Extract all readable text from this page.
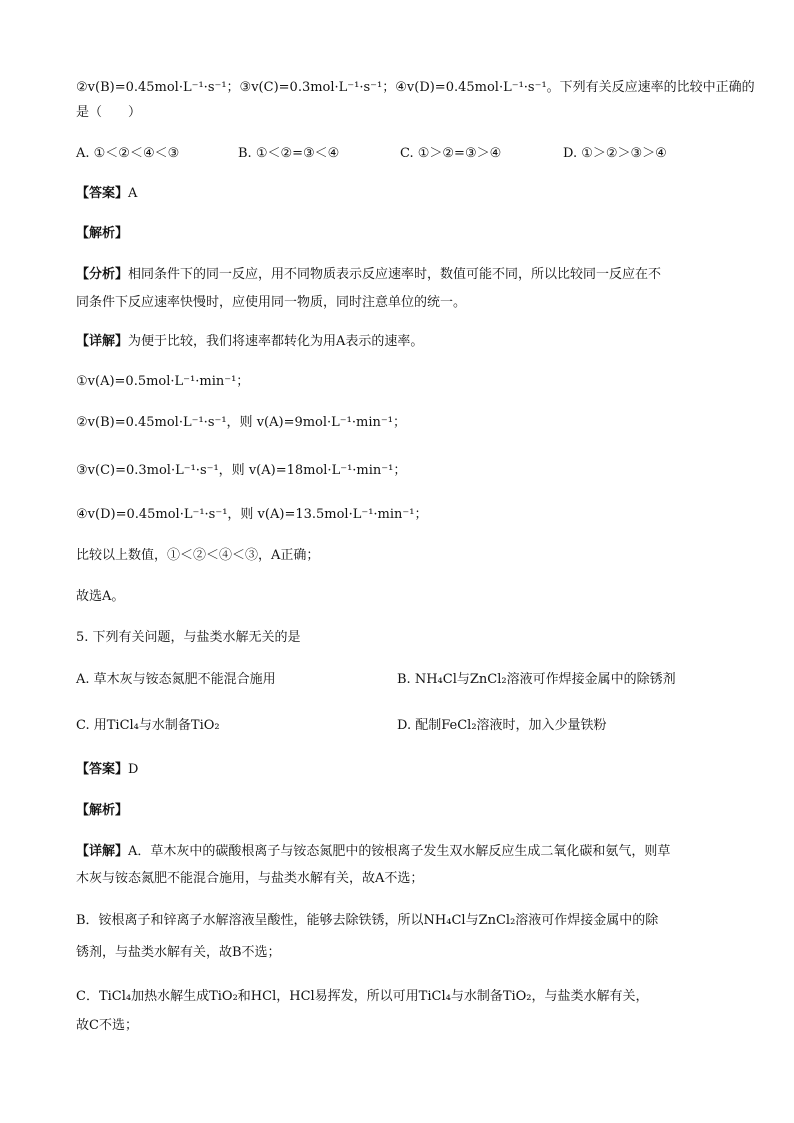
②v(B)=0.45mol·L⁻¹·s⁻¹；③v(C)=0.3mol·L⁻¹·s⁻¹；④v(D)=0.45mol·L⁻¹·s⁻¹。下列有关反应速率的比较中正确的
是（　　）
A. ①＜②＜④＜③	B. ①＜②=③＜④	C. ①＞②=③＞④	D. ①＞②＞③＞④
【答案】A
【解析】
【分析】相同条件下的同一反应，用不同物质表示反应速率时，数值可能不同，所以比较同一反应在不
同条件下反应速率快慢时，应使用同一物质，同时注意单位的统一。
【详解】为便于比较，我们将速率都转化为用A表示的速率。
①v(A)=0.5mol·L⁻¹·min⁻¹；
②v(B)=0.45mol·L⁻¹·s⁻¹，则 v(A)=9mol·L⁻¹·min⁻¹；
③v(C)=0.3mol·L⁻¹·s⁻¹，则 v(A)=18mol·L⁻¹·min⁻¹；
④v(D)=0.45mol·L⁻¹·s⁻¹，则 v(A)=13.5mol·L⁻¹·min⁻¹；
比较以上数值，①＜②＜④＜③，A正确；
故选A。
5. 下列有关问题，与盐类水解无关的是
A. 草木灰与铵态氮肥不能混合施用	B. NH₄Cl与ZnCl₂溶液可作焊接金属中的除锈剂
C. 用TiCl₄与水制备TiO₂	D. 配制FeCl₂溶液时，加入少量铁粉
【答案】D
【解析】
【详解】A．草木灰中的碳酸根离子与铵态氮肥中的铵根离子发生双水解反应生成二氧化碳和氨气，则草
木灰与铵态氮肥不能混合施用，与盐类水解有关，故A不选；
B．铵根离子和锌离子水解溶液呈酸性，能够去除铁锈，所以NH₄Cl与ZnCl₂溶液可作焊接金属中的除
锈剂，与盐类水解有关，故B不选；
C．TiCl₄加热水解生成TiO₂和HCl，HCl易挥发，所以可用TiCl₄与水制备TiO₂，与盐类水解有关，
故C不选；
